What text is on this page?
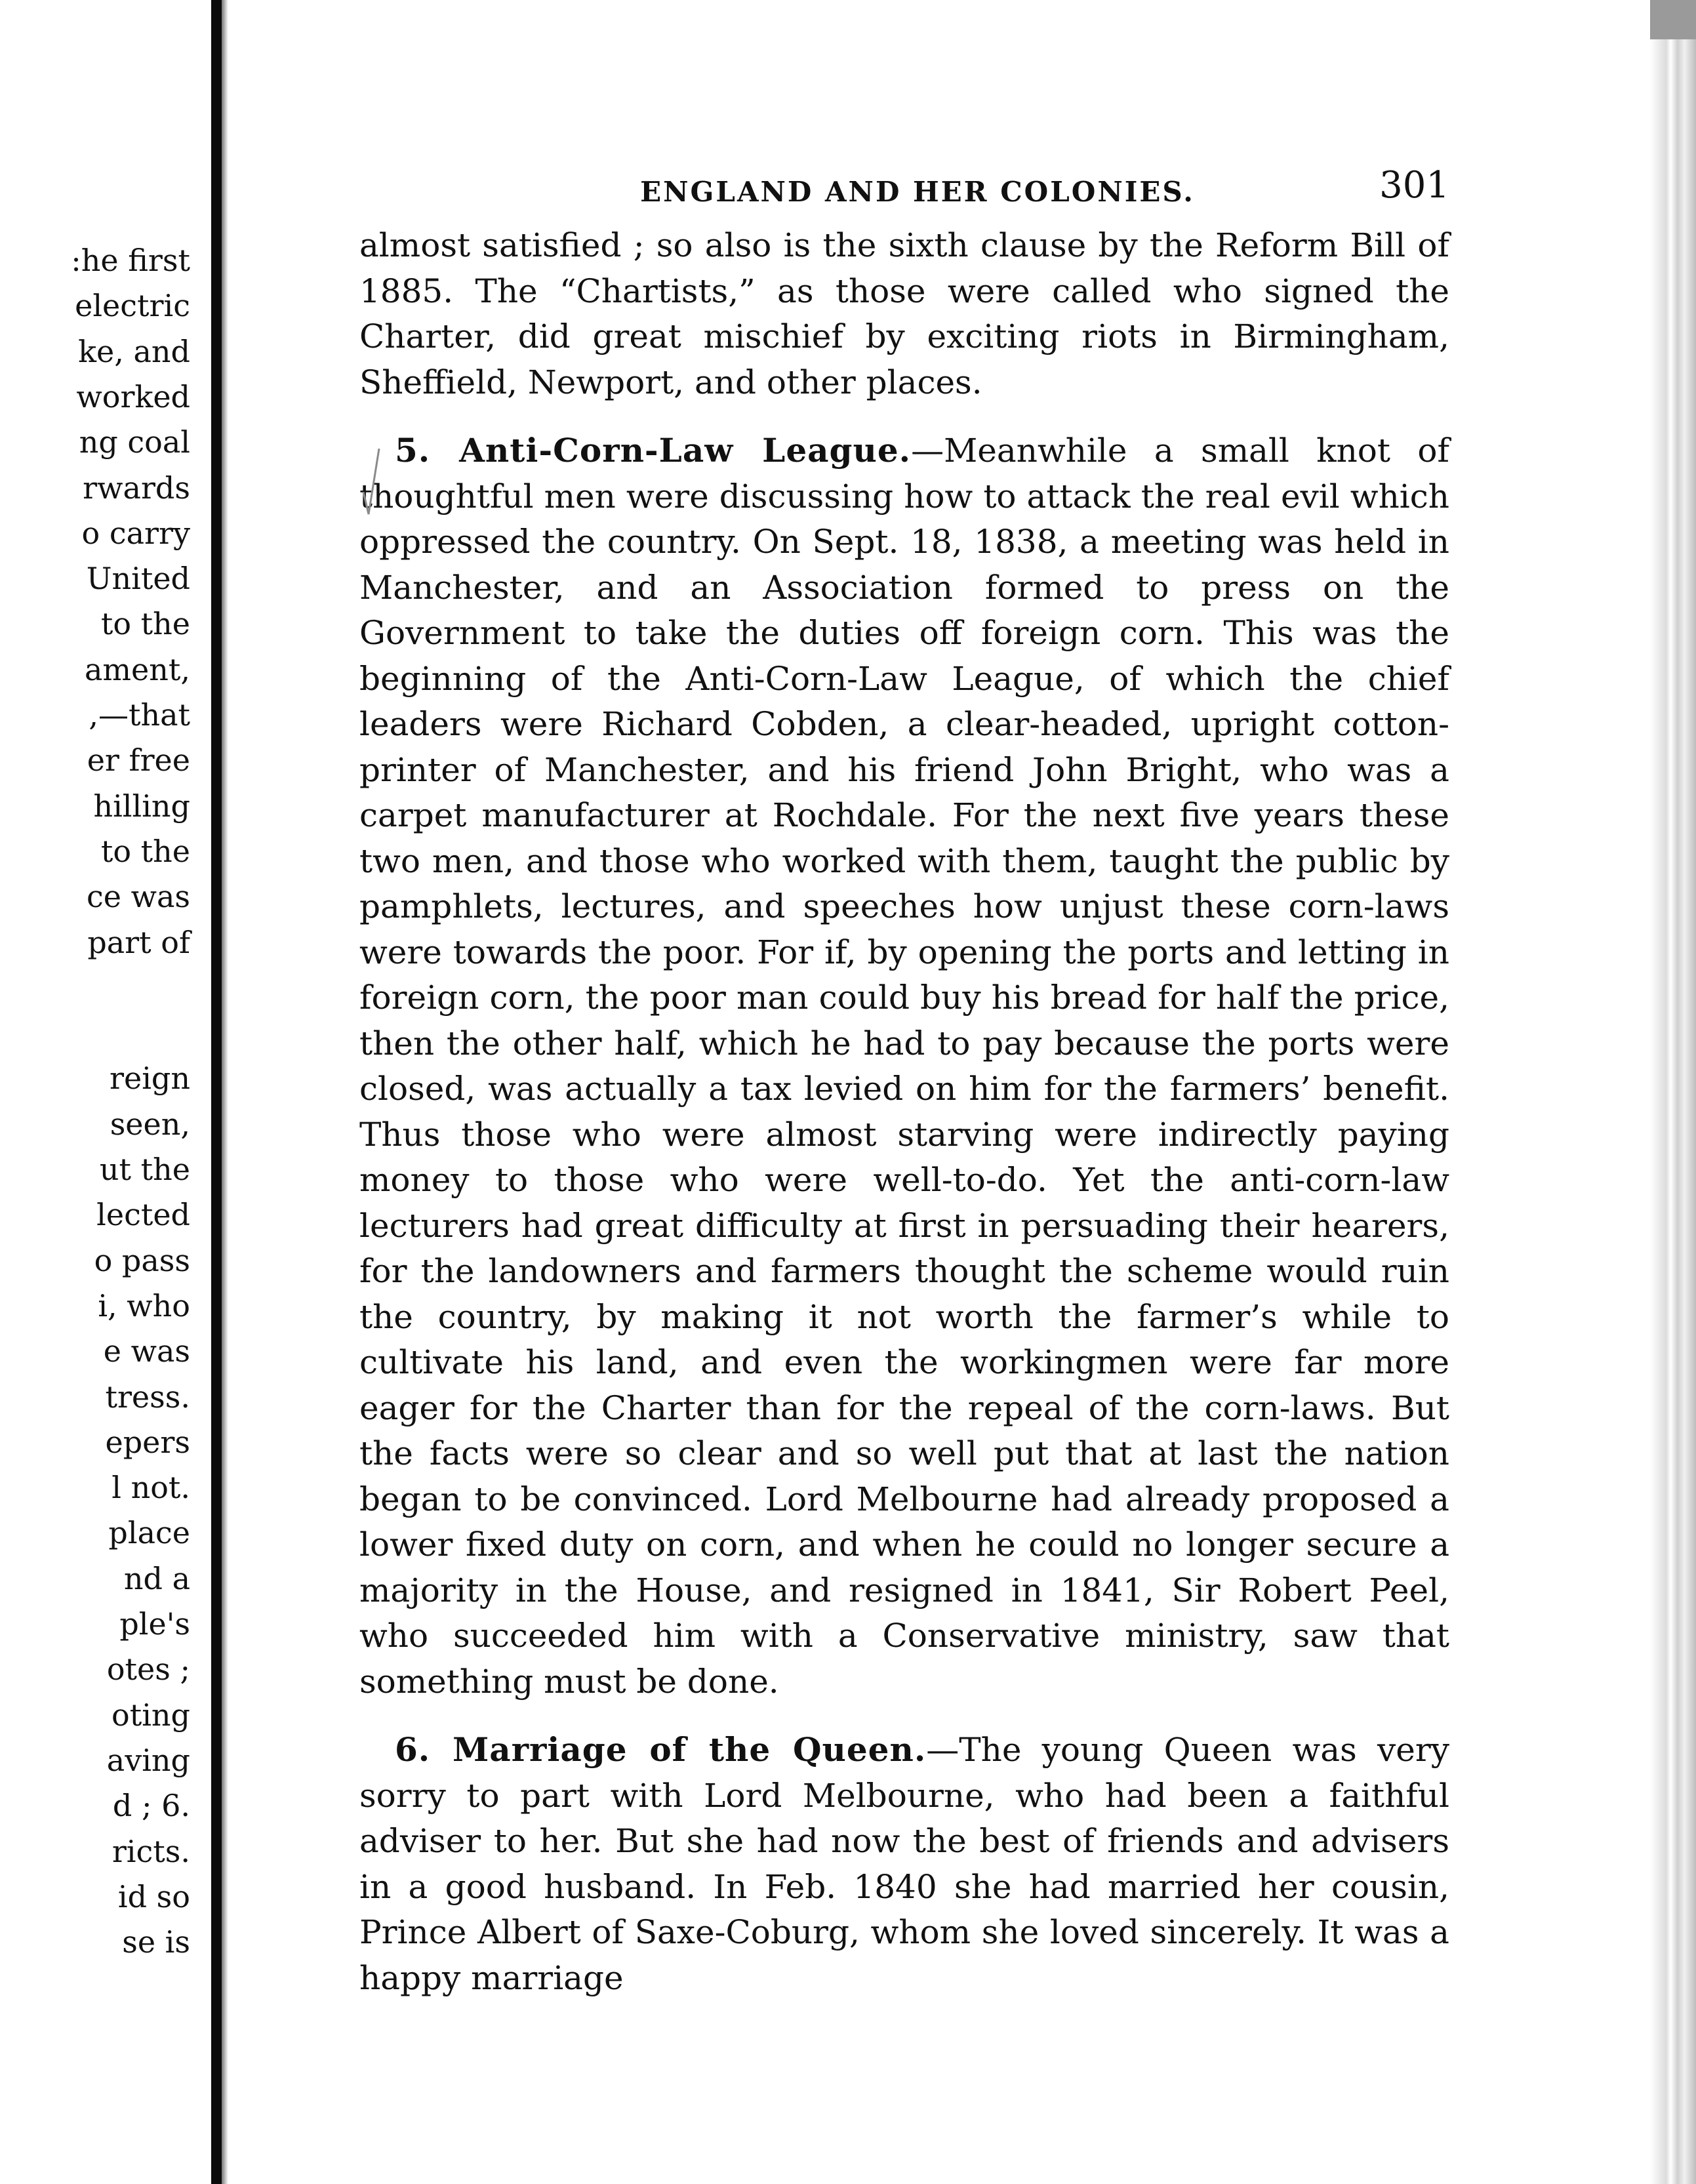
:he first
electric
ke, and
worked
ng coal
rwards
o carry
United
to the
ament,
,—that
er free
hilling
to the
ce was
part of
reign
seen,
ut the
lected
o pass
i, who
e was
tress.
epers
l not.
place
nd a
ple's
otes ;
oting
aving
d ; 6.
ricts.
id so
se is
ENGLAND AND HER COLONIES.	301

almost satisfied ; so also is the sixth clause by the Reform Bill of 1885. The “Chartists,” as those were called who signed the Charter, did great mischief by exciting riots in Birmingham, Sheffield, Newport, and other places.

5. Anti-Corn-Law League.—Meanwhile a small knot of thoughtful men were discussing how to attack the real evil which oppressed the country. On Sept. 18, 1838, a meeting was held in Manchester, and an Association formed to press on the Government to take the duties off foreign corn. This was the beginning of the Anti-Corn-Law League, of which the chief leaders were Richard Cobden, a clear-headed, upright cotton-printer of Manchester, and his friend John Bright, who was a carpet manufacturer at Rochdale. For the next five years these two men, and those who worked with them, taught the public by pamphlets, lectures, and speeches how unjust these corn-laws were towards the poor. For if, by opening the ports and letting in foreign corn, the poor man could buy his bread for half the price, then the other half, which he had to pay because the ports were closed, was actually a tax levied on him for the farmers’ benefit. Thus those who were almost starving were indirectly paying money to those who were well-to-do. Yet the anti-corn-law lecturers had great difficulty at first in persuading their hearers, for the landowners and farmers thought the scheme would ruin the country, by making it not worth the farmer’s while to cultivate his land, and even the workingmen were far more eager for the Charter than for the repeal of the corn-laws. But the facts were so clear and so well put that at last the nation began to be convinced. Lord Melbourne had already proposed a lower fixed duty on corn, and when he could no longer secure a majority in the House, and resigned in 1841, Sir Robert Peel, who succeeded him with a Conservative ministry, saw that something must be done.

6. Marriage of the Queen.—The young Queen was very sorry to part with Lord Melbourne, who had been a faithful adviser to her. But she had now the best of friends and advisers in a good husband. In Feb. 1840 she had married her cousin, Prince Albert of Saxe-Coburg, whom she loved sincerely. It was a happy marriage
